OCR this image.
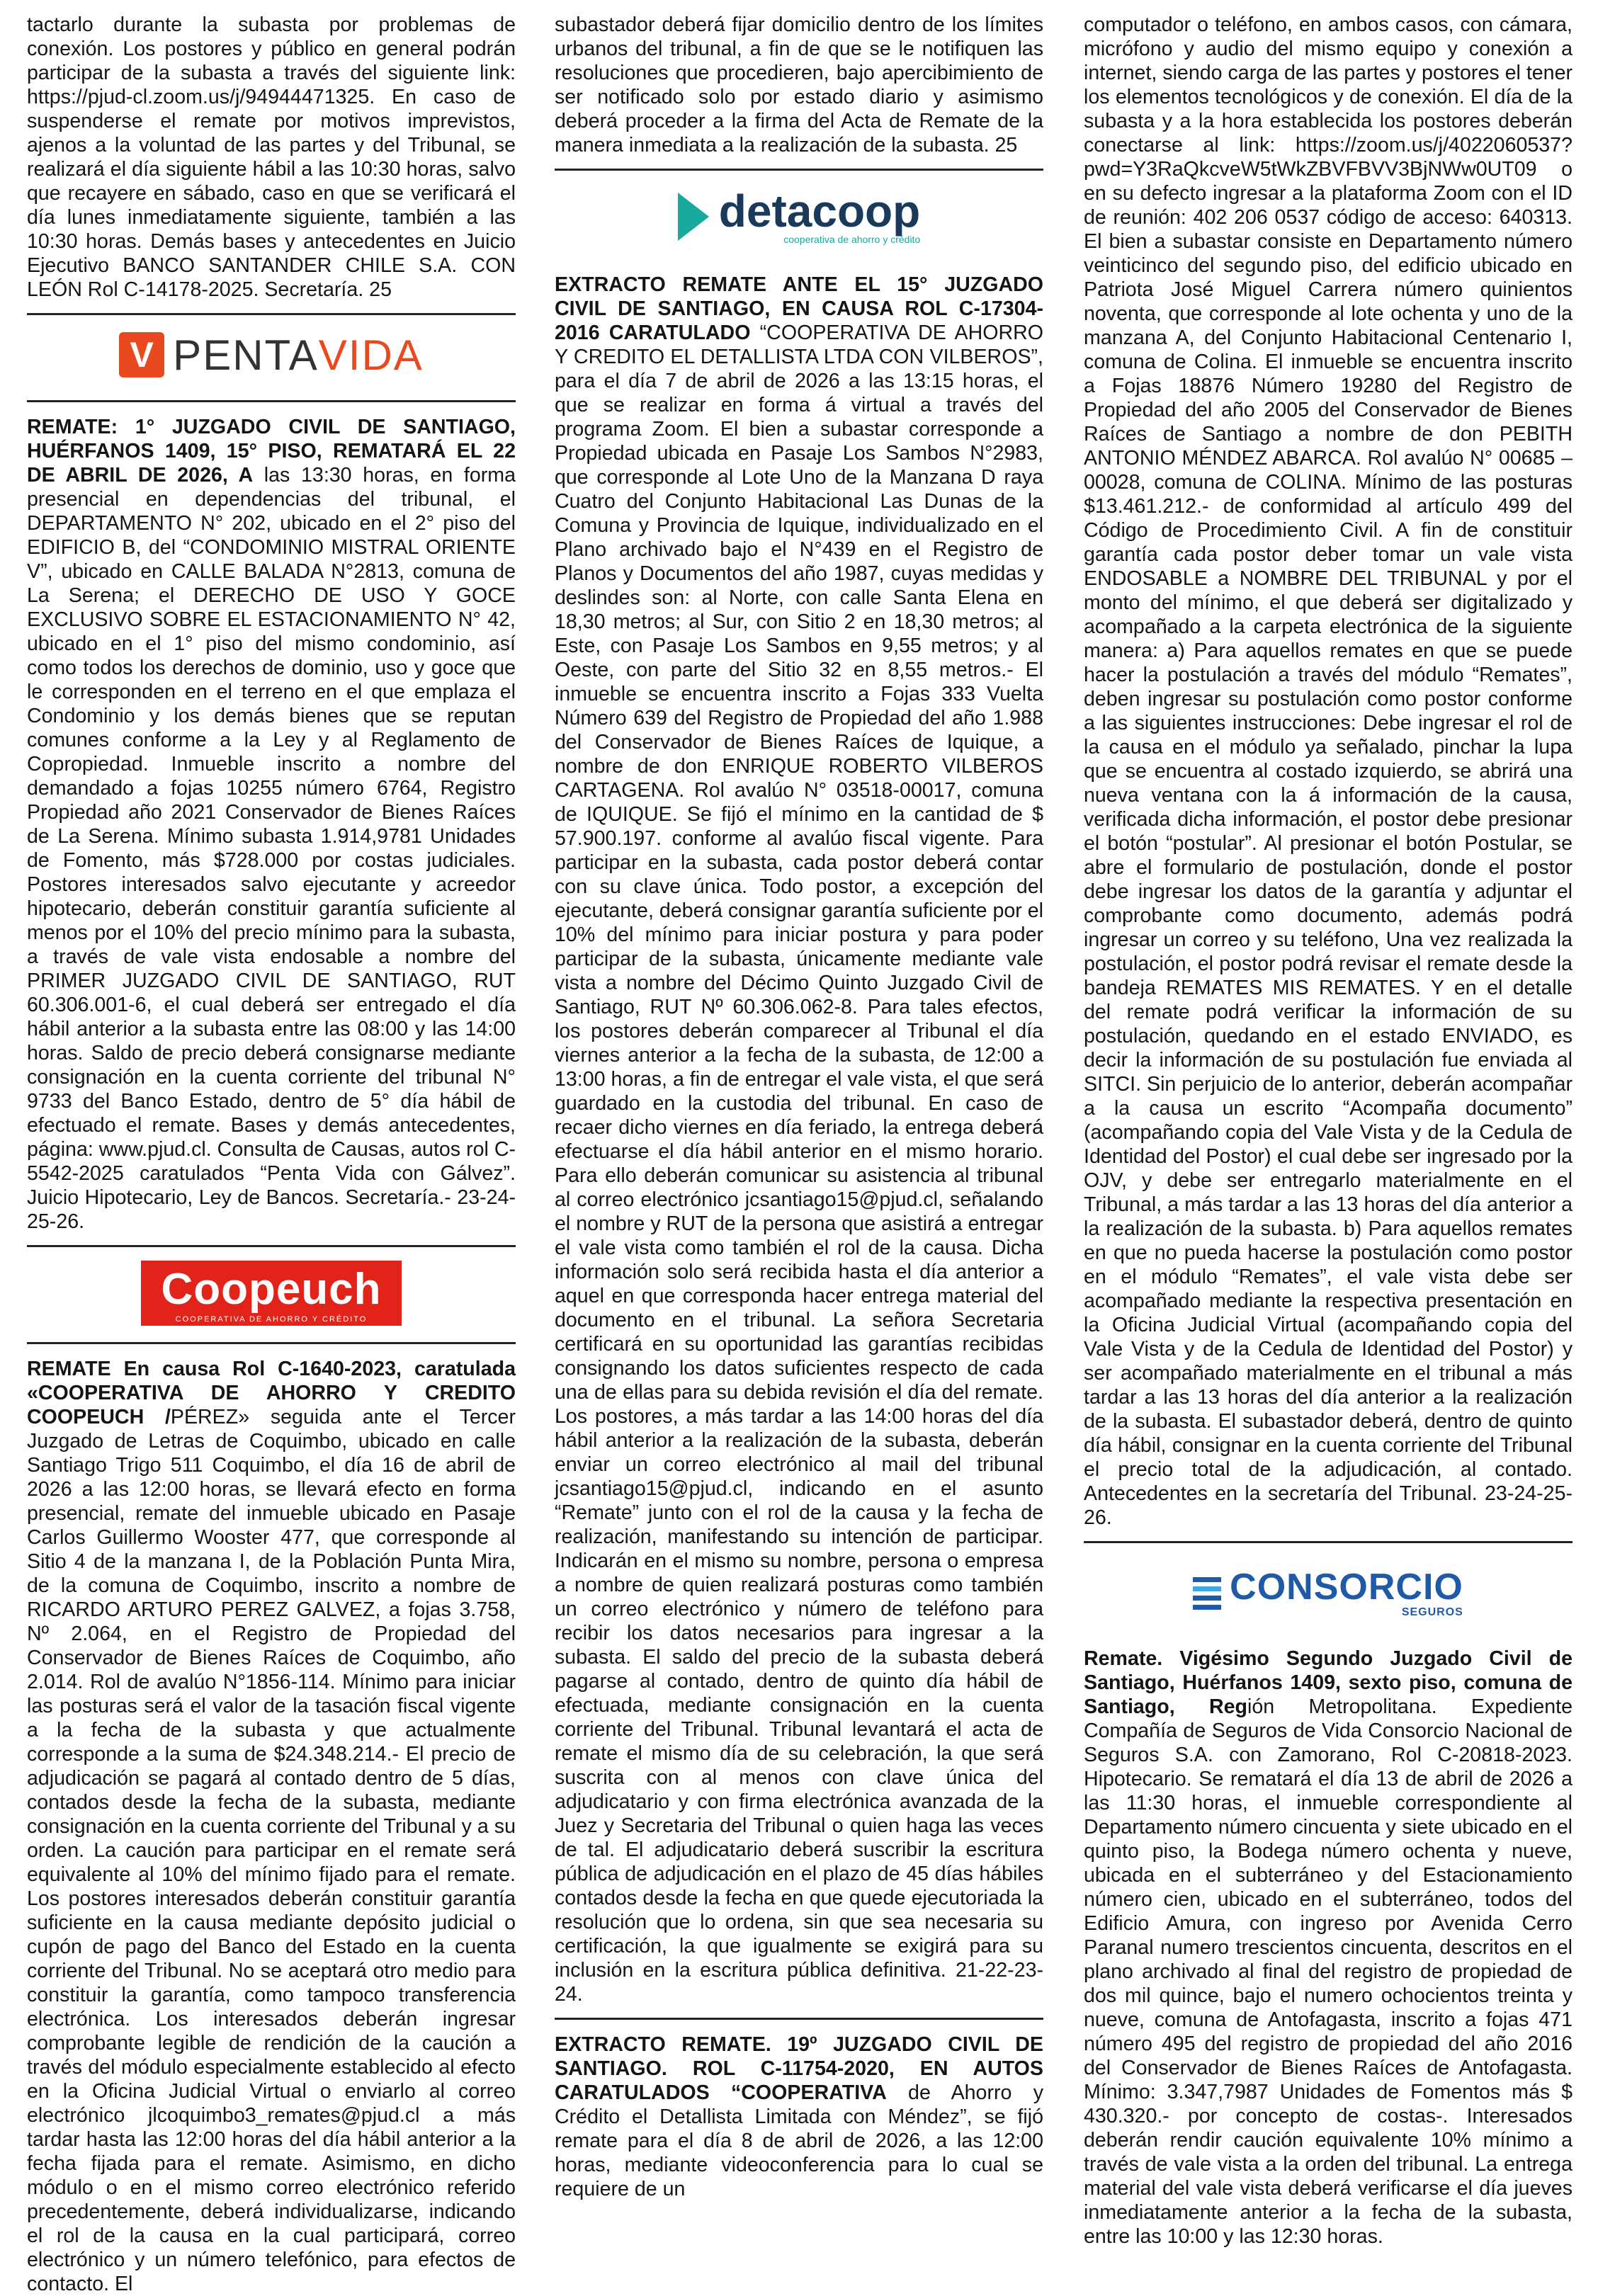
tactarlo durante la subasta por problemas de conexión. Los postores y público en general podrán participar de la subasta a través del siguiente link: https://pjud-cl.zoom.us/j/94944471325. En caso de suspenderse el remate por motivos imprevistos, ajenos a la voluntad de las partes y del Tribunal, se realizará el día siguiente hábil a las 10:30 horas, salvo que recayere en sábado, caso en que se verificará el día lunes inmediatamente siguiente, también a las 10:30 horas. Demás bases y antecedentes en Juicio Ejecutivo BANCO SANTANDER CHILE S.A. CON LEÓN Rol C-14178-2025. Secretaría. 25

V PENTA VIDA

REMATE: 1° JUZGADO CIVIL DE SANTIAGO, HUÉRFANOS 1409, 15° PISO, REMATARÁ EL 22 DE ABRIL DE 2026, A las 13:30 horas, en forma presencial en dependencias del tribunal, el DEPARTAMENTO N° 202, ubicado en el 2° piso del EDIFICIO B, del “CONDOMINIO MISTRAL ORIENTE V”, ubicado en CALLE BALADA N°2813, comuna de La Serena; el DERECHO DE USO Y GOCE EXCLUSIVO SOBRE EL ESTACIONAMIENTO N° 42, ubicado en el 1° piso del mismo condominio, así como todos los derechos de dominio, uso y goce que le corresponden en el terreno en el que emplaza el Condominio y los demás bienes que se reputan comunes conforme a la Ley y al Reglamento de Copropiedad. Inmueble inscrito a nombre del demandado a fojas 10255 número 6764, Registro Propiedad año 2021 Conservador de Bienes Raíces de La Serena. Mínimo subasta 1.914,9781 Unidades de Fomento, más $728.000 por costas judiciales. Postores interesados salvo ejecutante y acreedor hipotecario, deberán constituir garantía suficiente al menos por el 10% del precio mínimo para la subasta, a través de vale vista endosable a nombre del PRIMER JUZGADO CIVIL DE SANTIAGO, RUT 60.306.001-6, el cual deberá ser entregado el día hábil anterior a la subasta entre las 08:00 y las 14:00 horas. Saldo de precio deberá consignarse mediante consignación en la cuenta corriente del tribunal N° 9733 del Banco Estado, dentro de 5° día hábil de efectuado el remate. Bases y demás antecedentes, página: www.pjud.cl. Consulta de Causas, autos rol C-5542-2025 caratulados “Penta Vida con Gálvez”. Juicio Hipotecario, Ley de Bancos. Secretaría.- 23-24-25-26.

Coopeuch
COOPERATIVA DE AHORRO Y CRÉDITO

REMATE En causa Rol C-1640-2023, caratulada «COOPERATIVA DE AHORRO Y CREDITO COOPEUCH /PÉREZ» seguida ante el Tercer Juzgado de Letras de Coquimbo, ubicado en calle Santiago Trigo 511 Coquimbo, el día 16 de abril de 2026 a las 12:00 horas, se llevará efecto en forma presencial, remate del inmueble ubicado en Pasaje Carlos Guillermo Wooster 477, que corresponde al Sitio 4 de la manzana I, de la Población Punta Mira, de la comuna de Coquimbo, inscrito a nombre de RICARDO ARTURO PEREZ GALVEZ, a fojas 3.758, Nº 2.064, en el Registro de Propiedad del Conservador de Bienes Raíces de Coquimbo, año 2.014. Rol de avalúo N°1856-114. Mínimo para iniciar las posturas será el valor de la tasación fiscal vigente a la fecha de la subasta y que actualmente corresponde a la suma de $24.348.214.- El precio de adjudicación se pagará al contado dentro de 5 días, contados desde la fecha de la subasta, mediante consignación en la cuenta corriente del Tribunal y a su orden. La caución para participar en el remate será equivalente al 10% del mínimo fijado para el remate. Los postores interesados deberán constituir garantía suficiente en la causa mediante depósito judicial o cupón de pago del Banco del Estado en la cuenta corriente del Tribunal. No se aceptará otro medio para constituir la garantía, como tampoco transferencia electrónica. Los interesados deberán ingresar comprobante legible de rendición de la caución a través del módulo especialmente establecido al efecto en la Oficina Judicial Virtual o enviarlo al correo electrónico jlcoquimbo3_remates@pjud.cl a más tardar hasta las 12:00 horas del día hábil anterior a la fecha fijada para el remate. Asimismo, en dicho módulo o en el mismo correo electrónico referido precedentemente, deberá individualizarse, indicando el rol de la causa en la cual participará, correo electrónico y un número telefónico, para efectos de contacto. El

subastador deberá fijar domicilio dentro de los límites urbanos del tribunal, a fin de que se le notifiquen las resoluciones que procedieren, bajo apercibimiento de ser notificado solo por estado diario y asimismo deberá proceder a la firma del Acta de Remate de la manera inmediata a la realización de la subasta. 25

detacoop
cooperativa de ahorro y crédito

EXTRACTO REMATE ANTE EL 15° JUZGADO CIVIL DE SANTIAGO, EN CAUSA ROL C-17304-2016 CARATULADO “COOPERATIVA DE AHORRO Y CREDITO EL DETALLISTA LTDA CON VILBEROS”, para el día 7 de abril de 2026 a las 13:15 horas, el que se realizar en forma á virtual a través del programa Zoom. El bien a subastar corresponde a Propiedad ubicada en Pasaje Los Sambos N°2983, que corresponde al Lote Uno de la Manzana D raya Cuatro del Conjunto Habitacional Las Dunas de la Comuna y Provincia de Iquique, individualizado en el Plano archivado bajo el N°439 en el Registro de Planos y Documentos del año 1987, cuyas medidas y deslindes son: al Norte, con calle Santa Elena en 18,30 metros; al Sur, con Sitio 2 en 18,30 metros; al Este, con Pasaje Los Sambos en 9,55 metros; y al Oeste, con parte del Sitio 32 en 8,55 metros.- El inmueble se encuentra inscrito a Fojas 333 Vuelta Número 639 del Registro de Propiedad del año 1.988 del Conservador de Bienes Raíces de Iquique, a nombre de don ENRIQUE ROBERTO VILBEROS CARTAGENA. Rol avalúo N° 03518-00017, comuna de IQUIQUE. Se fijó el mínimo en la cantidad de $ 57.900.197. conforme al avalúo fiscal vigente. Para participar en la subasta, cada postor deberá contar con su clave única. Todo postor, a excepción del ejecutante, deberá consignar garantía suficiente por el 10% del mínimo para iniciar postura y para poder participar de la subasta, únicamente mediante vale vista a nombre del Décimo Quinto Juzgado Civil de Santiago, RUT Nº 60.306.062-8. Para tales efectos, los postores deberán comparecer al Tribunal el día viernes anterior a la fecha de la subasta, de 12:00 a 13:00 horas, a fin de entregar el vale vista, el que será guardado en la custodia del tribunal. En caso de recaer dicho viernes en día feriado, la entrega deberá efectuarse el día hábil anterior en el mismo horario. Para ello deberán comunicar su asistencia al tribunal al correo electrónico jcsantiago15@pjud.cl, señalando el nombre y RUT de la persona que asistirá a entregar el vale vista como también el rol de la causa. Dicha información solo será recibida hasta el día anterior a aquel en que corresponda hacer entrega material del documento en el tribunal. La señora Secretaria certificará en su oportunidad las garantías recibidas consignando los datos suficientes respecto de cada una de ellas para su debida revisión el día del remate. Los postores, a más tardar a las 14:00 horas del día hábil anterior a la realización de la subasta, deberán enviar un correo electrónico al mail del tribunal jcsantiago15@pjud.cl, indicando en el asunto “Remate” junto con el rol de la causa y la fecha de realización, manifestando su intención de participar. Indicarán en el mismo su nombre, persona o empresa a nombre de quien realizará posturas como también un correo electrónico y número de teléfono para recibir los datos necesarios para ingresar a la subasta. El saldo del precio de la subasta deberá pagarse al contado, dentro de quinto día hábil de efectuada, mediante consignación en la cuenta corriente del Tribunal. Tribunal levantará el acta de remate el mismo día de su celebración, la que será suscrita con al menos con clave única del adjudicatario y con firma electrónica avanzada de la Juez y Secretaria del Tribunal o quien haga las veces de tal. El adjudicatario deberá suscribir la escritura pública de adjudicación en el plazo de 45 días hábiles contados desde la fecha en que quede ejecutoriada la resolución que lo ordena, sin que sea necesaria su certificación, la que igualmente se exigirá para su inclusión en la escritura pública definitiva. 21-22-23-24.

EXTRACTO REMATE. 19º JUZGADO CIVIL DE SANTIAGO. ROL C-11754-2020, EN AUTOS CARATULADOS “COOPERATIVA de Ahorro y Crédito el Detallista Limitada con Méndez”, se fijó remate para el día 8 de abril de 2026, a las 12:00 horas, mediante videoconferencia para lo cual se requiere de un

computador o teléfono, en ambos casos, con cámara, micrófono y audio del mismo equipo y conexión a internet, siendo carga de las partes y postores el tener los elementos tecnológicos y de conexión. El día de la subasta y a la hora establecida los postores deberán conectarse al link: https://zoom.us/j/4022060537?pwd=Y3RaQkcveW5tWkZBVFBVV3BjNWw0UT09 o en su defecto ingresar a la plataforma Zoom con el ID de reunión: 402 206 0537 código de acceso: 640313. El bien a subastar consiste en Departamento número veinticinco del segundo piso, del edificio ubicado en Patriota José Miguel Carrera número quinientos noventa, que corresponde al lote ochenta y uno de la manzana A, del Conjunto Habitacional Centenario I, comuna de Colina. El inmueble se encuentra inscrito a Fojas 18876 Número 19280 del Registro de Propiedad del año 2005 del Conservador de Bienes Raíces de Santiago a nombre de don PEBITH ANTONIO MÉNDEZ ABARCA. Rol avalúo N° 00685 – 00028, comuna de COLINA. Mínimo de las posturas $13.461.212.- de conformidad al artículo 499 del Código de Procedimiento Civil. A fin de constituir garantía cada postor deber tomar un vale vista ENDOSABLE a NOMBRE DEL TRIBUNAL y por el monto del mínimo, el que deberá ser digitalizado y acompañado a la carpeta electrónica de la siguiente manera: a) Para aquellos remates en que se puede hacer la postulación a través del módulo “Remates”, deben ingresar su postulación como postor conforme a las siguientes instrucciones: Debe ingresar el rol de la causa en el módulo ya señalado, pinchar la lupa que se encuentra al costado izquierdo, se abrirá una nueva ventana con la á información de la causa, verificada dicha información, el postor debe presionar el botón “postular”. Al presionar el botón Postular, se abre el formulario de postulación, donde el postor debe ingresar los datos de la garantía y adjuntar el comprobante como documento, además podrá ingresar un correo y su teléfono, Una vez realizada la postulación, el postor podrá revisar el remate desde la bandeja REMATES MIS REMATES. Y en el detalle del remate podrá verificar la información de su postulación, quedando en el estado ENVIADO, es decir la información de su postulación fue enviada al SITCI. Sin perjuicio de lo anterior, deberán acompañar a la causa un escrito “Acompaña documento” (acompañando copia del Vale Vista y de la Cedula de Identidad del Postor) el cual debe ser ingresado por la OJV, y debe ser entregarlo materialmente en el Tribunal, a más tardar a las 13 horas del día anterior a la realización de la subasta. b) Para aquellos remates en que no pueda hacerse la postulación como postor en el módulo “Remates”, el vale vista debe ser acompañado mediante la respectiva presentación en la Oficina Judicial Virtual (acompañando copia del Vale Vista y de la Cedula de Identidad del Postor) y ser acompañado materialmente en el tribunal a más tardar a las 13 horas del día anterior a la realización de la subasta. El subastador deberá, dentro de quinto día hábil, consignar en la cuenta corriente del Tribunal el precio total de la adjudicación, al contado. Antecedentes en la secretaría del Tribunal. 23-24-25-26.

CONSORCIO
SEGUROS

Remate. Vigésimo Segundo Juzgado Civil de Santiago, Huérfanos 1409, sexto piso, comuna de Santiago, Región Metropolitana. Expediente Compañía de Seguros de Vida Consorcio Nacional de Seguros S.A. con Zamorano, Rol C-20818-2023. Hipotecario. Se rematará el día 13 de abril de 2026 a las 11:30 horas, el inmueble correspondiente al Departamento número cincuenta y siete ubicado en el quinto piso, la Bodega número ochenta y nueve, ubicada en el subterráneo y del Estacionamiento número cien, ubicado en el subterráneo, todos del Edificio Amura, con ingreso por Avenida Cerro Paranal numero trescientos cincuenta, descritos en el plano archivado al final del registro de propiedad de dos mil quince, bajo el numero ochocientos treinta y nueve, comuna de Antofagasta, inscrito a fojas 471 número 495 del registro de propiedad del año 2016 del Conservador de Bienes Raíces de Antofagasta. Mínimo: 3.347,7987 Unidades de Fomentos más $ 430.320.- por concepto de costas-. Interesados deberán rendir caución equivalente 10% mínimo a través de vale vista a la orden del tribunal. La entrega material del vale vista deberá verificarse el día jueves inmediatamente anterior a la fecha de la subasta, entre las 10:00 y las 12:30 horas.
